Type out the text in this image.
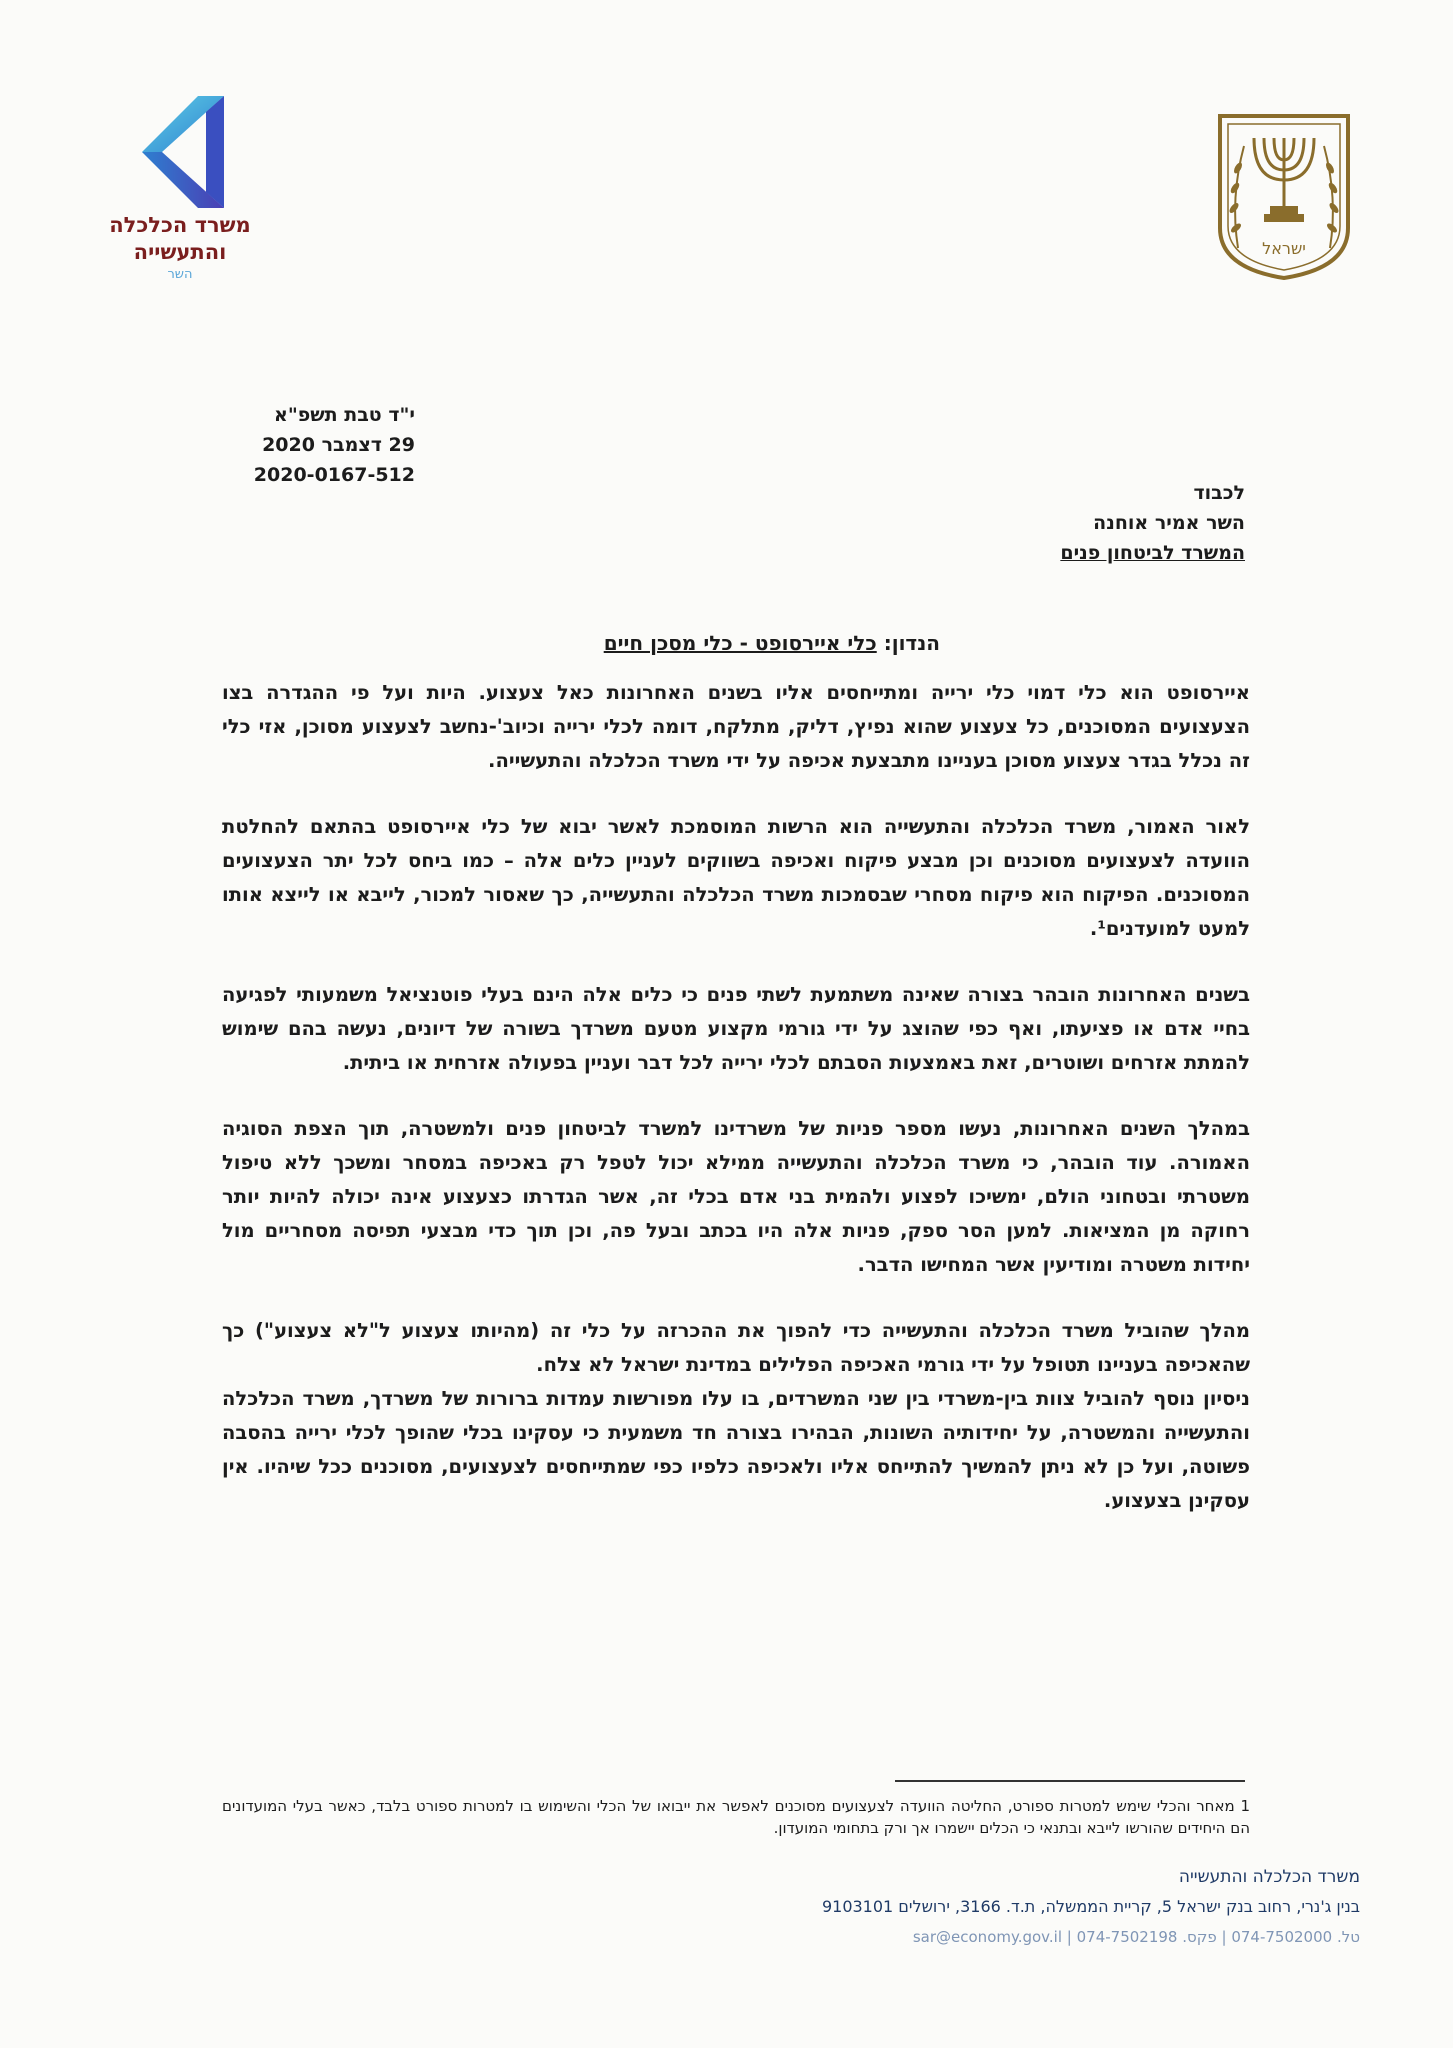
משרד הכלכלה
והתעשייה
השר
ישראל
י"ד טבת תשפ"א
29 דצמבר 2020
2020-0167-512
לכבוד
השר אמיר אוחנה
המשרד לביטחון פנים
הנדון: כלי איירסופט - כלי מסכן חיים

איירסופט הוא כלי דמוי כלי ירייה ומתייחסים אליו בשנים האחרונות כאל צעצוע. היות ועל פי ההגדרה בצו הצעצועים המסוכנים, כל צעצוע שהוא נפיץ, דליק, מתלקח, דומה לכלי ירייה וכיוב'-נחשב לצעצוע מסוכן, אזי כלי זה נכלל בגדר צעצוע מסוכן בעניינו מתבצעת אכיפה על ידי משרד הכלכלה והתעשייה.

לאור האמור, משרד הכלכלה והתעשייה הוא הרשות המוסמכת לאשר יבוא של כלי איירסופט בהתאם להחלטת הוועדה לצעצועים מסוכנים וכן מבצע פיקוח ואכיפה בשווקים לעניין כלים אלה – כמו ביחס לכל יתר הצעצועים המסוכנים. הפיקוח הוא פיקוח מסחרי שבסמכות משרד הכלכלה והתעשייה, כך שאסור למכור, לייבא או לייצא אותו למעט למועדנים¹.

בשנים האחרונות הובהר בצורה שאינה משתמעת לשתי פנים כי כלים אלה הינם בעלי פוטנציאל משמעותי לפגיעה בחיי אדם או פציעתו, ואף כפי שהוצג על ידי גורמי מקצוע מטעם משרדך בשורה של דיונים, נעשה בהם שימוש להמתת אזרחים ושוטרים, זאת באמצעות הסבתם לכלי ירייה לכל דבר ועניין בפעולה אזרחית או ביתית.

במהלך השנים האחרונות, נעשו מספר פניות של משרדינו למשרד לביטחון פנים ולמשטרה, תוך הצפת הסוגיה האמורה. עוד הובהר, כי משרד הכלכלה והתעשייה ממילא יכול לטפל רק באכיפה במסחר ומשכך ללא טיפול משטרתי ובטחוני הולם, ימשיכו לפצוע ולהמית בני אדם בכלי זה, אשר הגדרתו כצעצוע אינה יכולה להיות יותר רחוקה מן המציאות. למען הסר ספק, פניות אלה היו בכתב ובעל פה, וכן תוך כדי מבצעי תפיסה מסחריים מול יחידות משטרה ומודיעין אשר המחישו הדבר.

מהלך שהוביל משרד הכלכלה והתעשייה כדי להפוך את ההכרזה על כלי זה (מהיותו צעצוע ל"לא צעצוע") כך שהאכיפה בעניינו תטופל על ידי גורמי האכיפה הפלילים במדינת ישראל לא צלח.

ניסיון נוסף להוביל צוות בין-משרדי בין שני המשרדים, בו עלו מפורשות עמדות ברורות של משרדך, משרד הכלכלה והתעשייה והמשטרה, על יחידותיה השונות, הבהירו בצורה חד משמעית כי עסקינו בכלי שהופך לכלי ירייה בהסבה פשוטה, ועל כן לא ניתן להמשיך להתייחס אליו ולאכיפה כלפיו כפי שמתייחסים לצעצועים, מסוכנים ככל שיהיו. אין עסקינן בצעצוע.

1 מאחר והכלי שימש למטרות ספורט, החליטה הוועדה לצעצועים מסוכנים לאפשר את ייבואו של הכלי והשימוש בו למטרות ספורט בלבד, כאשר בעלי המועדונים הם היחידים שהורשו לייבא ובתנאי כי הכלים יישמרו אך ורק בתחומי המועדון.
משרד הכלכלה והתעשייה
בנין ג'נרי, רחוב בנק ישראל 5, קריית הממשלה, ת.ד. 3166, ירושלים 9103101
טל. 074-7502000 | פקס. 074-7502198 | sar@economy.gov.il
